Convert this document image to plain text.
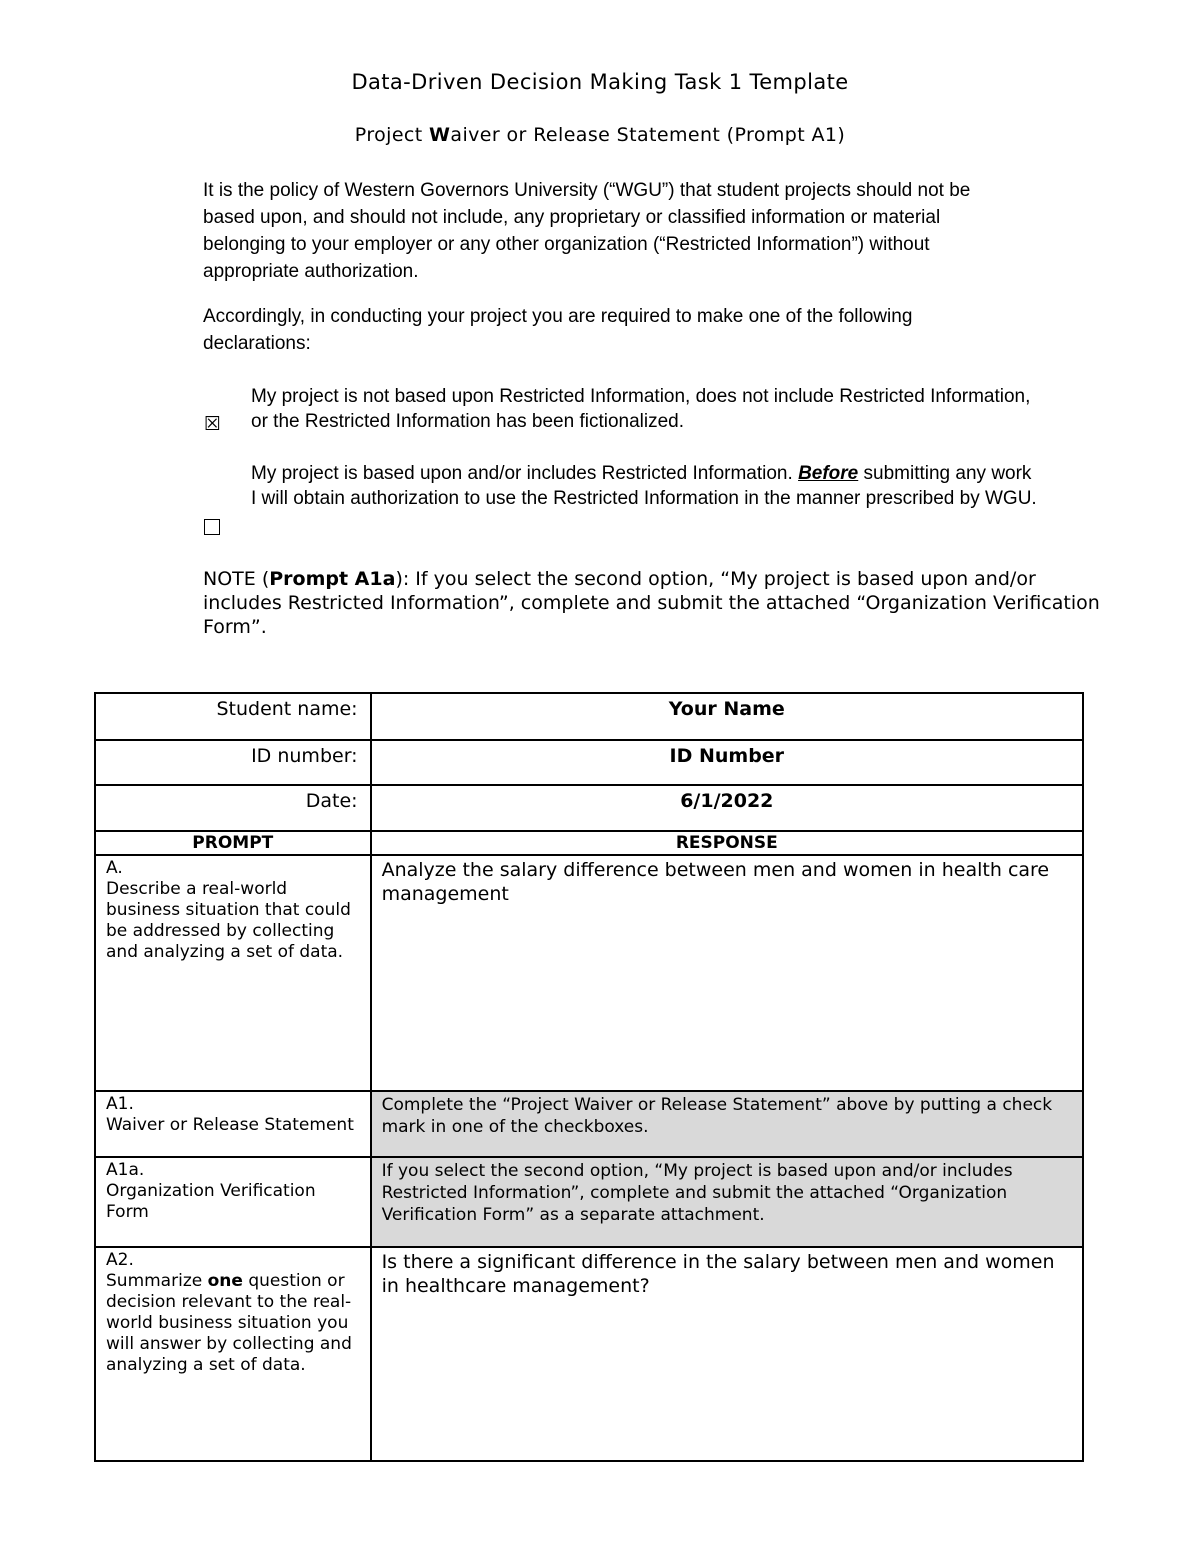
Data-Driven Decision Making Task 1 Template
Project Waiver or Release Statement (Prompt A1)
It is the policy of Western Governors University (“WGU”) that student projects should not be based upon, and should not include, any proprietary or classified information or material belonging to your employer or any other organization (“Restricted Information”) without appropriate authorization.
Accordingly, in conducting your project you are required to make one of the following declarations:
☒
My project is not based upon Restricted Information, does not include Restricted Information, or the Restricted Information has been fictionalized.
My project is based upon and/or includes Restricted Information. Before submitting any work I will obtain authorization to use the Restricted Information in the manner prescribed by WGU.
NOTE (Prompt A1a): If you select the second option, “My project is based upon and/or includes Restricted Information”, complete and submit the attached “Organization Verification Form”.
Student name:	Your Name
ID number:	ID Number
Date:	6/1/2022
PROMPT	RESPONSE

A.
Describe a real-world business situation that could be addressed by collecting and analyzing a set of data.	Analyze the salary difference between men and women in health care management

A1.
Waiver or Release Statement	Complete the “Project Waiver or Release Statement” above by putting a check mark in one of the checkboxes.

A1a.
Organization Verification Form	If you select the second option, “My project is based upon and/or includes Restricted Information”, complete and submit the attached “Organization Verification Form” as a separate attachment.

A2.
Summarize one question or decision relevant to the real-world business situation you will answer by collecting and analyzing a set of data.	Is there a significant difference in the salary between men and women in healthcare management?
